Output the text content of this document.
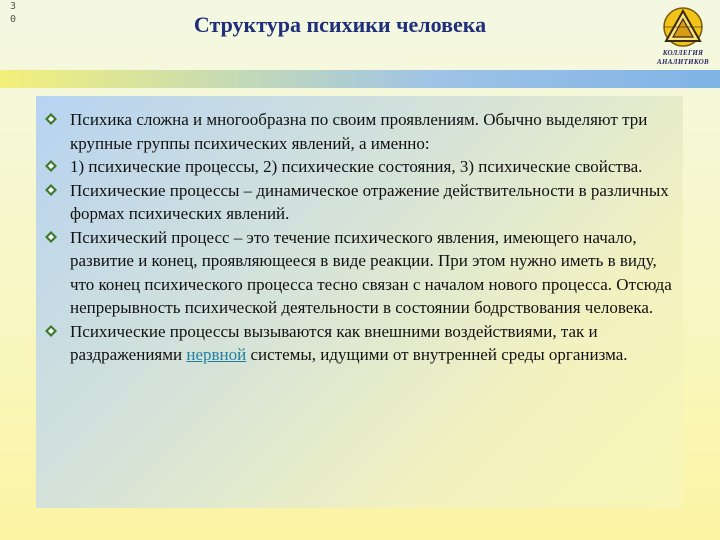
3
0	Структура психики человека
КОЛЛЕГИЯ
АНАЛИТИКОВ
Психика сложна и многообразна по своим проявлениям. Обычно выделяют три крупные группы психических явлений, а именно:
1) психические процессы, 2) психические состояния, 3) психические свойства.
Психические процессы – динамическое отражение действительности в различных формах психических явлений.
Психический процесс – это течение психического явления, имеющего начало, развитие и конец, проявляющееся в виде реакции. При этом нужно иметь в виду, что конец психического процесса тесно связан с началом нового процесса. Отсюда непрерывность психической деятельности в состоянии бодрствования человека.
Психические процессы вызываются как внешними воздействиями, так и раздражениями нервной системы, идущими от внутренней среды организма.
